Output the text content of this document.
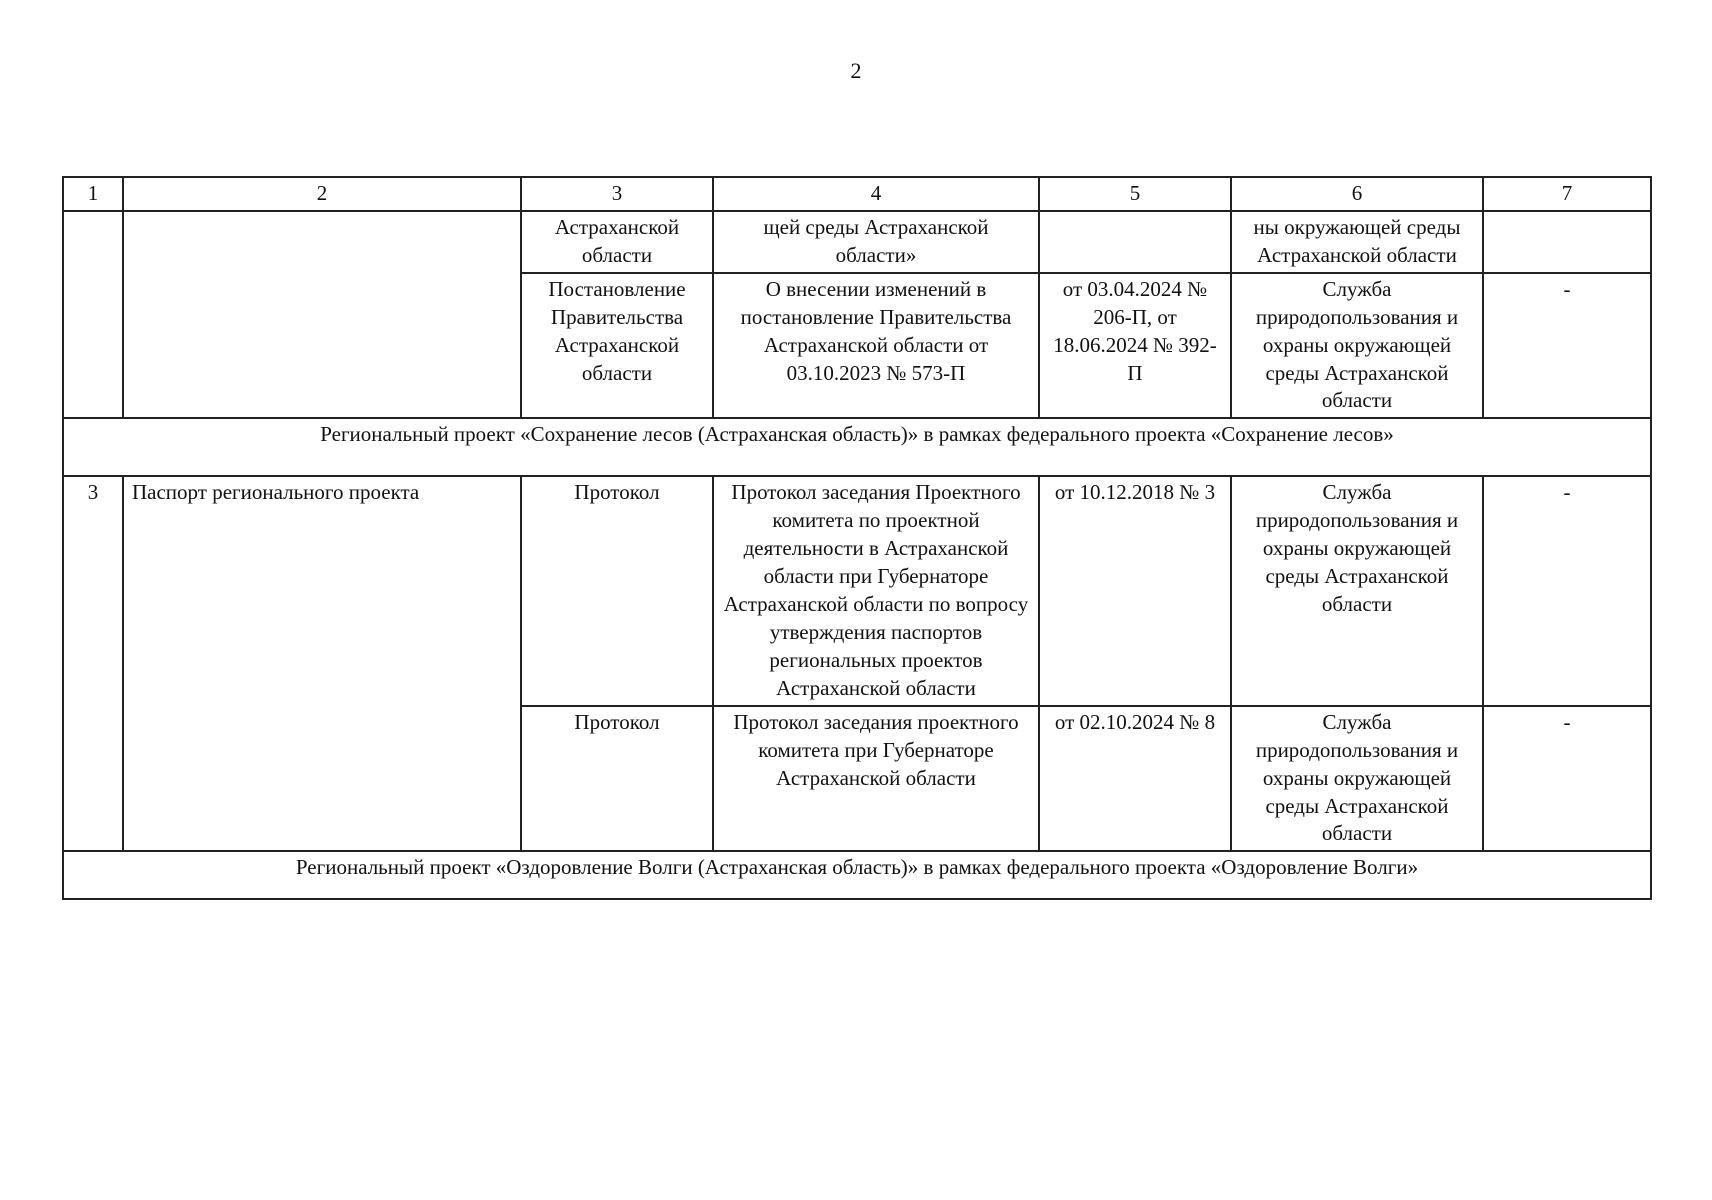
2
1	2	3	4	5	6	7
		Астраханской области	щей среды Астраханской области»		ны окружающей среды Астраханской области	
		Постановление Правительства Астраханской области	О внесении изменений в постановление Правительства Астраханской области от 03.10.2023 № 573-П	от 03.04.2024 № 206-П, от 18.06.2024 № 392-П	Служба природопользования и охраны окружающей среды Астраханской области	-
Региональный проект «Сохранение лесов (Астраханская область)» в рамках федерального проекта «Сохранение лесов»						
3	Паспорт регионального проекта	Протокол	Протокол заседания Проектного комитета по проектной деятельности в Астраханской области при Губернаторе Астраханской области по вопросу утверждения паспортов региональных проектов Астраханской области	от 10.12.2018 № 3	Служба природопользования и охраны окружающей среды Астраханской области	-
		Протокол	Протокол заседания проектного комитета при Губернаторе Астраханской области	от 02.10.2024 № 8	Служба природопользования и охраны окружающей среды Астраханской области	-
Региональный проект «Оздоровление Волги (Астраханская область)» в рамках федерального проекта «Оздоровление Волги»						
